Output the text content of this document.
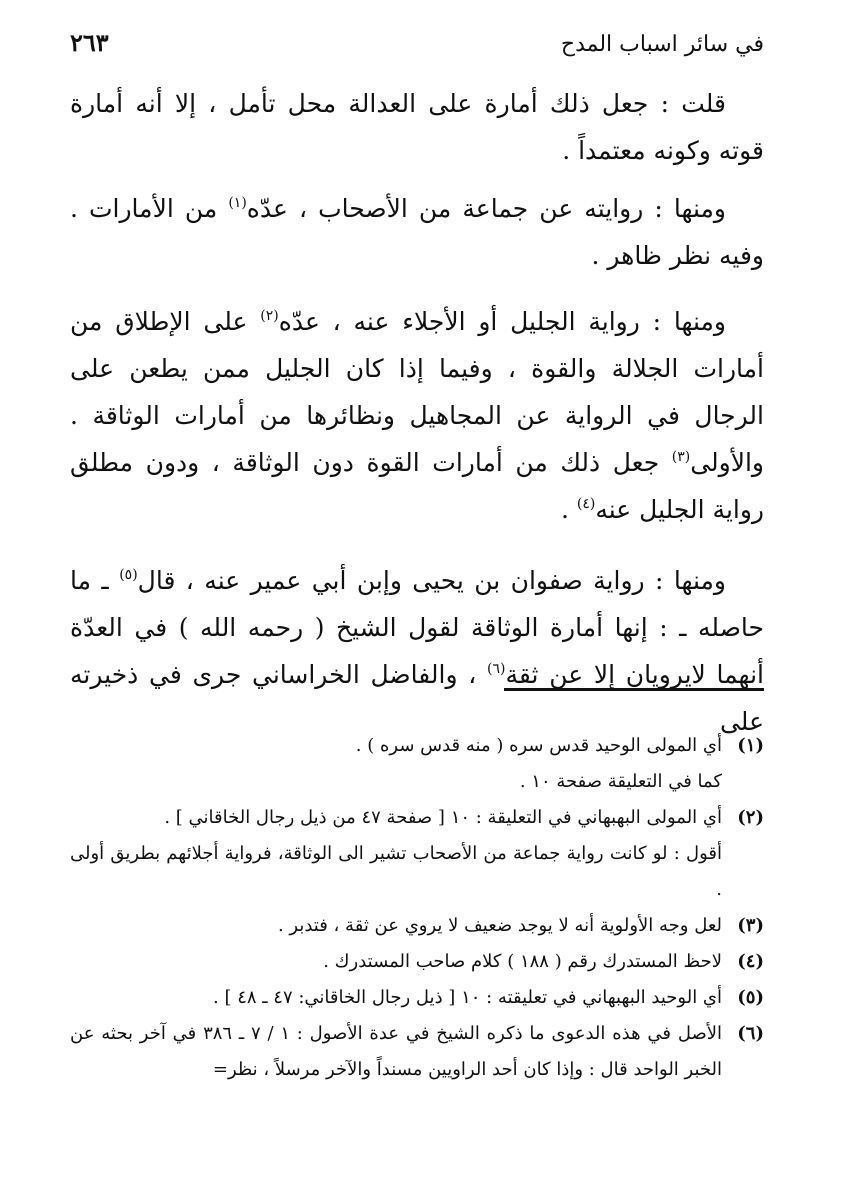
في سائر اسباب المدح
٢٦٣

قلت : جعل ذلك أمارة على العدالة محل تأمل ، إلا أنه أمارة قوته وكونه معتمداً .

ومنها : روايته عن جماعة من الأصحاب ، عدّه$^{(١)}$ من الأمارات . وفيه نظر ظاهر .

ومنها : رواية الجليل أو الأجلاء عنه ، عدّه$^{(٢)}$ على الإطلاق من أمارات الجلالة والقوة ، وفيما إذا كان الجليل ممن يطعن على الرجال في الرواية عن المجاهيل ونظائرها من أمارات الوثاقة . والأولى$^{(٣)}$ جعل ذلك من أمارات القوة دون الوثاقة ، ودون مطلق رواية الجليل عنه$^{(٤)}$ .

ومنها : رواية صفوان بن يحيى وإبن أبي عمير عنه ، قال$^{(٥)}$ ـ ما حاصله ـ : إنها أمارة الوثاقة لقول الشيخ ( رحمه الله ) في العدّة أنهما لايرويان إلا عن ثقة$^{(٦)}$ ، والفاضل الخراساني جرى في ذخيرته على

(١)أي المولى الوحيد قدس سره ( منه قدس سره ) .
كما في التعليقة صفحة ١٠ .

(٢)أي المولى البهبهاني في التعليقة : ١٠ [ صفحة ٤٧ من ذيل رجال الخاقاني ] .
أقول : لو كانت رواية جماعة من الأصحاب تشير الى الوثاقة، فرواية أجلائهم بطريق أولى .

(٣)لعل وجه الأولوية أنه لا يوجد ضعيف لا يروي عن ثقة ، فتدبر .

(٤)لاحظ المستدرك رقم ( ١٨٨ ) كلام صاحب المستدرك .

(٥)أي الوحيد البهبهاني في تعليقته : ١٠ [ ذيل رجال الخاقاني: ٤٧ ـ ٤٨ ] .

(٦)الأصل في هذه الدعوى ما ذكره الشيخ في عدة الأصول : ١ / ٧ ـ ٣٨٦ في آخر بحثه عن الخبر الواحد قال : وإذا كان أحد الراويين مسنداً والآخر مرسلاً ، نظر=
